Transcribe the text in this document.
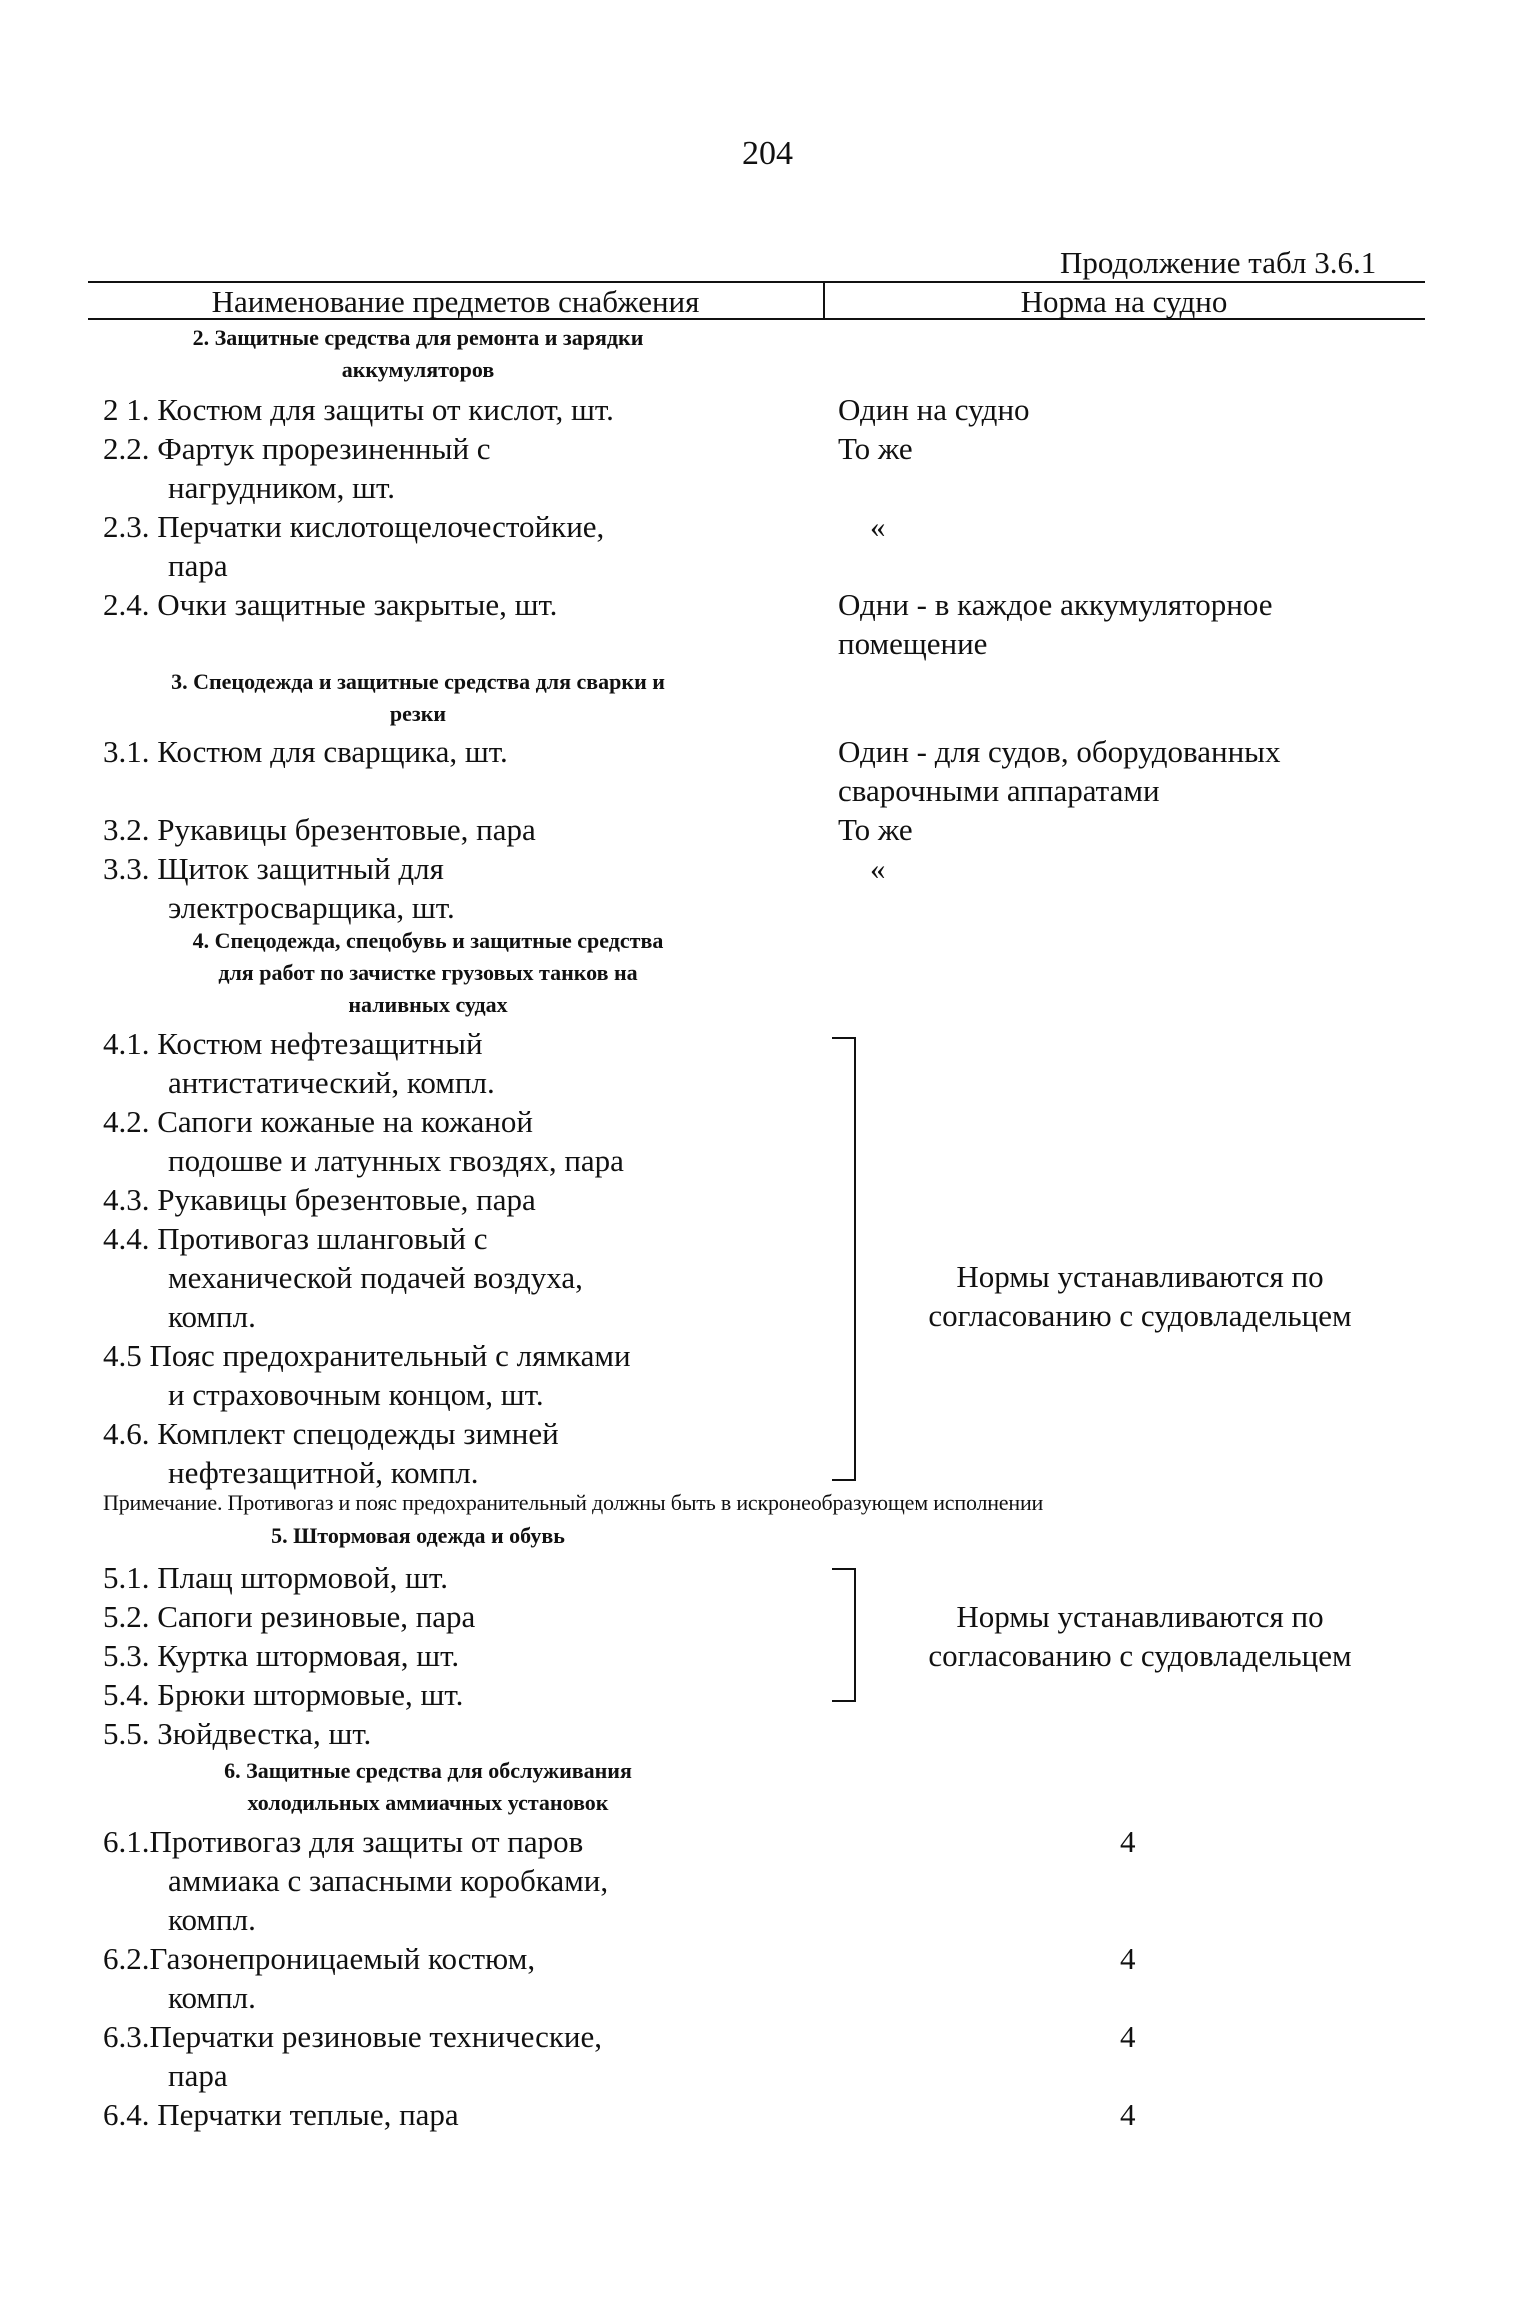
204
Продолжение табл 3.6.1
Наименование предметов снабжения	Норма на судно
2. Защитные средства для ремонта и зарядки
аккумуляторов
2 1. Костюм для защиты от кислот, шт.	Один на судно
2.2. Фартук прорезиненный с	То же
нагрудником, шт.
2.3. Перчатки кислотощелочестойкие,	«
пара
2.4. Очки защитные закрытые, шт.	Одни - в каждое аккумуляторное
помещение
3. Спецодежда и защитные средства для сварки и
резки
3.1. Костюм для сварщика, шт.	Один - для судов, оборудованных
сварочными аппаратами
3.2. Рукавицы брезентовые, пара	То же
3.3. Щиток защитный для	«
электросварщика, шт.
4. Спецодежда, спецобувь и защитные средства
для работ по зачистке грузовых танков на
наливных судах
4.1. Костюм нефтезащитный
антистатический, компл.
4.2. Сапоги кожаные на кожаной
подошве и латунных гвоздях, пара
4.3. Рукавицы брезентовые, пара
4.4. Противогаз шланговый с
механической подачей воздуха,
компл.
4.5 Пояс предохранительный с лямками
и страховочным концом, шт.
4.6. Комплект спецодежды зимней
нефтезащитной, компл.
Нормы устанавливаются по
согласованию с судовладельцем
Примечание. Противогаз и пояс предохранительный должны быть в искронеобразующем исполнении
5. Штормовая одежда и обувь
5.1. Плащ штормовой, шт.
5.2. Сапоги резиновые, пара
5.3. Куртка штормовая, шт.
5.4. Брюки штормовые, шт.
5.5. Зюйдвестка, шт.
Нормы устанавливаются по
согласованию с судовладельцем
6. Защитные средства для обслуживания
холодильных аммиачных установок
6.1.Противогаз для защиты от паров	4
аммиака с запасными коробками,
компл.
6.2.Газонепроницаемый костюм,	4
компл.
6.3.Перчатки резиновые технические,	4
пара
6.4. Перчатки теплые, пара	4
